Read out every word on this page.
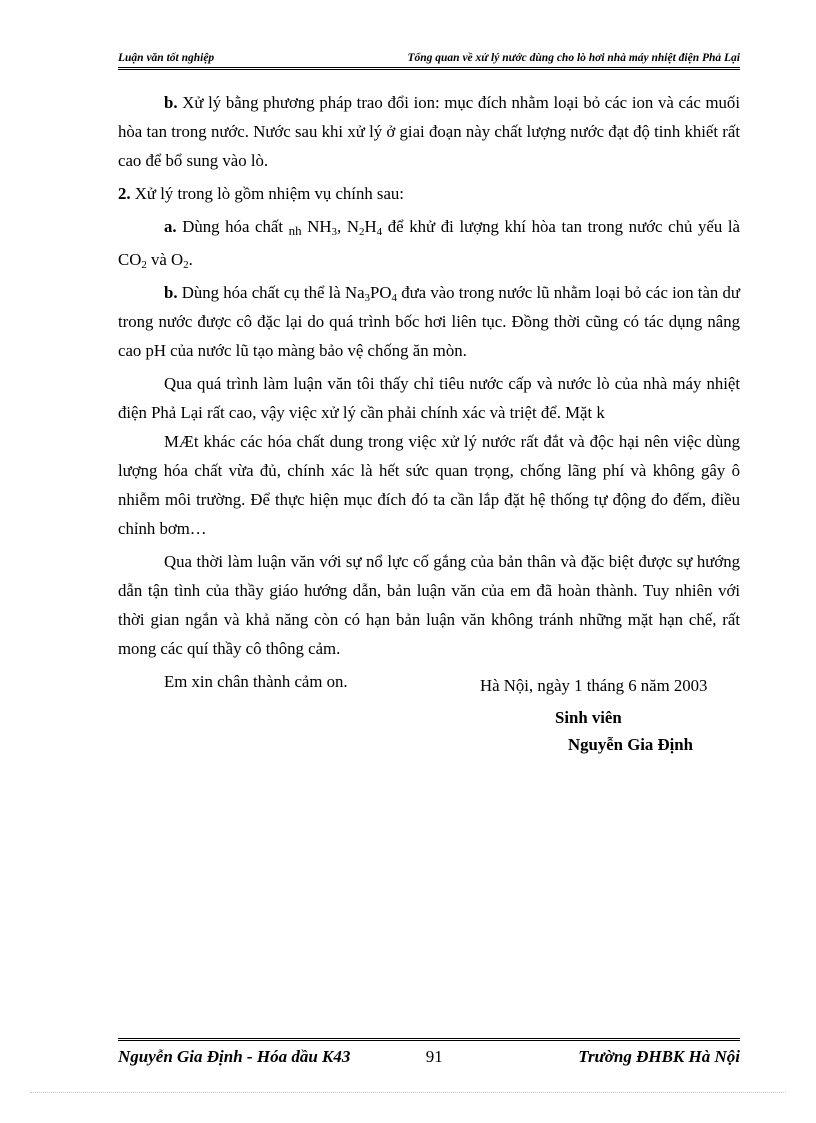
Luận văn tốt nghiệp	Tổng quan về xử lý nước dùng cho lò hơi nhà máy nhiệt điện Phả Lại

b. Xử lý bằng phương pháp trao đổi ion: mục đích nhằm loại bỏ các ion và các muối hòa tan trong nước. Nước sau khi xử lý ở giai đoạn này chất lượng nước đạt độ tinh khiết rất cao để bổ sung vào lò.

2. Xử lý trong lò gồm nhiệm vụ chính sau:

a. Dùng hóa chất nh $NH_3$, $N_2H_4$ để khử đi lượng khí hòa tan trong nước chủ yếu là $CO_2$ và $O_2$.

b. Dùng hóa chất cụ thể là $Na_3PO_4$ đưa vào trong nước lũ nhằm loại bỏ các ion tàn dư trong nước được cô đặc lại do quá trình bốc hơi liên tục. Đồng thời cũng có tác dụng nâng cao pH của nước lũ tạo màng bảo vệ chống ăn mòn.

Qua quá trình làm luận văn tôi thấy chỉ tiêu nước cấp và nước lò của nhà máy nhiệt điện Phả Lại rất cao, vậy việc xử lý cần phải chính xác và triệt để. Mặt k

MÆt khác các hóa chất dung trong việc xử lý nước rất đắt và độc hại nên việc dùng lượng hóa chất vừa đủ, chính xác là hết sức quan trọng, chống lãng phí và không gây ô nhiễm môi trường. Để thực hiện mục đích đó ta cần lắp đặt hệ thống tự động đo đếm, điều chỉnh bơm…

Qua thời làm luận văn với sự nổ lực cố gắng của bản thân và đặc biệt được sự hướng dẫn tận tình của thầy giáo hướng dẫn, bản luận văn của em đã hoàn thành. Tuy nhiên với thời gian ngắn và khả năng còn có hạn bản luận văn không tránh những mặt hạn chế, rất mong các quí thầy cô thông cảm.

Em xin chân thành cảm on.	Hà Nội, ngày 1 tháng 6 năm 2003
Sinh viên
Nguyễn Gia Định
Nguyễn Gia Định - Hóa dầu K43	91	Trường ĐHBK Hà Nội
